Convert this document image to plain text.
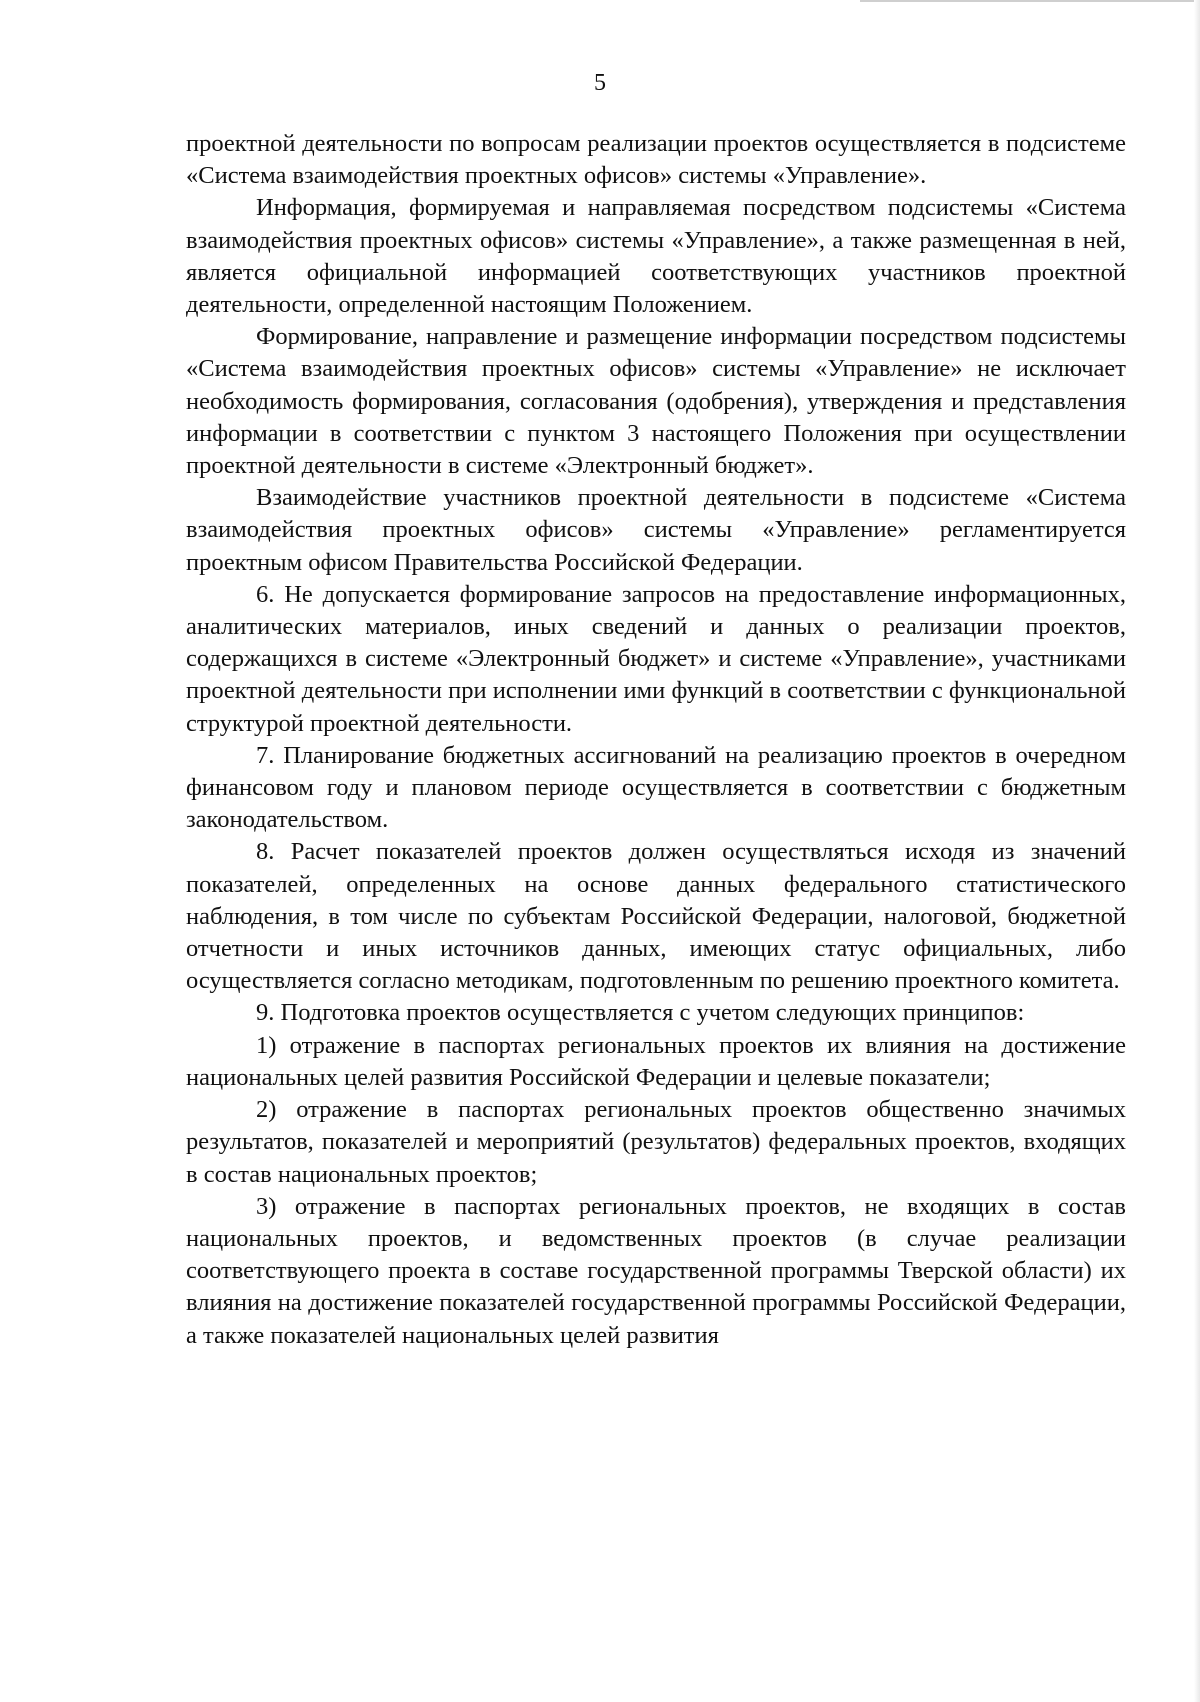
5

проектной деятельности по вопросам реализации проектов осуществляется в подсистеме «Система взаимодействия проектных офисов» системы «Управление».

Информация, формируемая и направляемая посредством подсистемы «Система взаимодействия проектных офисов» системы «Управление», а также размещенная в ней, является официальной информацией соответствующих участников проектной деятельности, определенной настоящим Положением.

Формирование, направление и размещение информации посредством подсистемы «Система взаимодействия проектных офисов» системы «Управление» не исключает необходимость формирования, согласования (одобрения), утверждения и представления информации в соответствии с пунктом 3 настоящего Положения при осуществлении проектной деятельности в системе «Электронный бюджет».

Взаимодействие участников проектной деятельности в подсистеме «Система взаимодействия проектных офисов» системы «Управление» регламентируется проектным офисом Правительства Российской Федерации.

6. Не допускается формирование запросов на предоставление информационных, аналитических материалов, иных сведений и данных о реализации проектов, содержащихся в системе «Электронный бюджет» и системе «Управление», участниками проектной деятельности при исполнении ими функций в соответствии с функциональной структурой проектной деятельности.

7. Планирование бюджетных ассигнований на реализацию проектов в очередном финансовом году и плановом периоде осуществляется в соответствии с бюджетным законодательством.

8. Расчет показателей проектов должен осуществляться исходя из значений показателей, определенных на основе данных федерального статистического наблюдения, в том числе по субъектам Российской Федерации, налоговой, бюджетной отчетности и иных источников данных, имеющих статус официальных, либо осуществляется согласно методикам, подготовленным по решению проектного комитета.

9. Подготовка проектов осуществляется с учетом следующих принципов:

1) отражение в паспортах региональных проектов их влияния на достижение национальных целей развития Российской Федерации и целевые показатели;

2) отражение в паспортах региональных проектов общественно значимых результатов, показателей и мероприятий (результатов) федеральных проектов, входящих в состав национальных проектов;

3) отражение в паспортах региональных проектов, не входящих в состав национальных проектов, и ведомственных проектов (в случае реализации соответствующего проекта в составе государственной программы Тверской области) их влияния на достижение показателей государственной программы Российской Федерации, а также показателей национальных целей развития
